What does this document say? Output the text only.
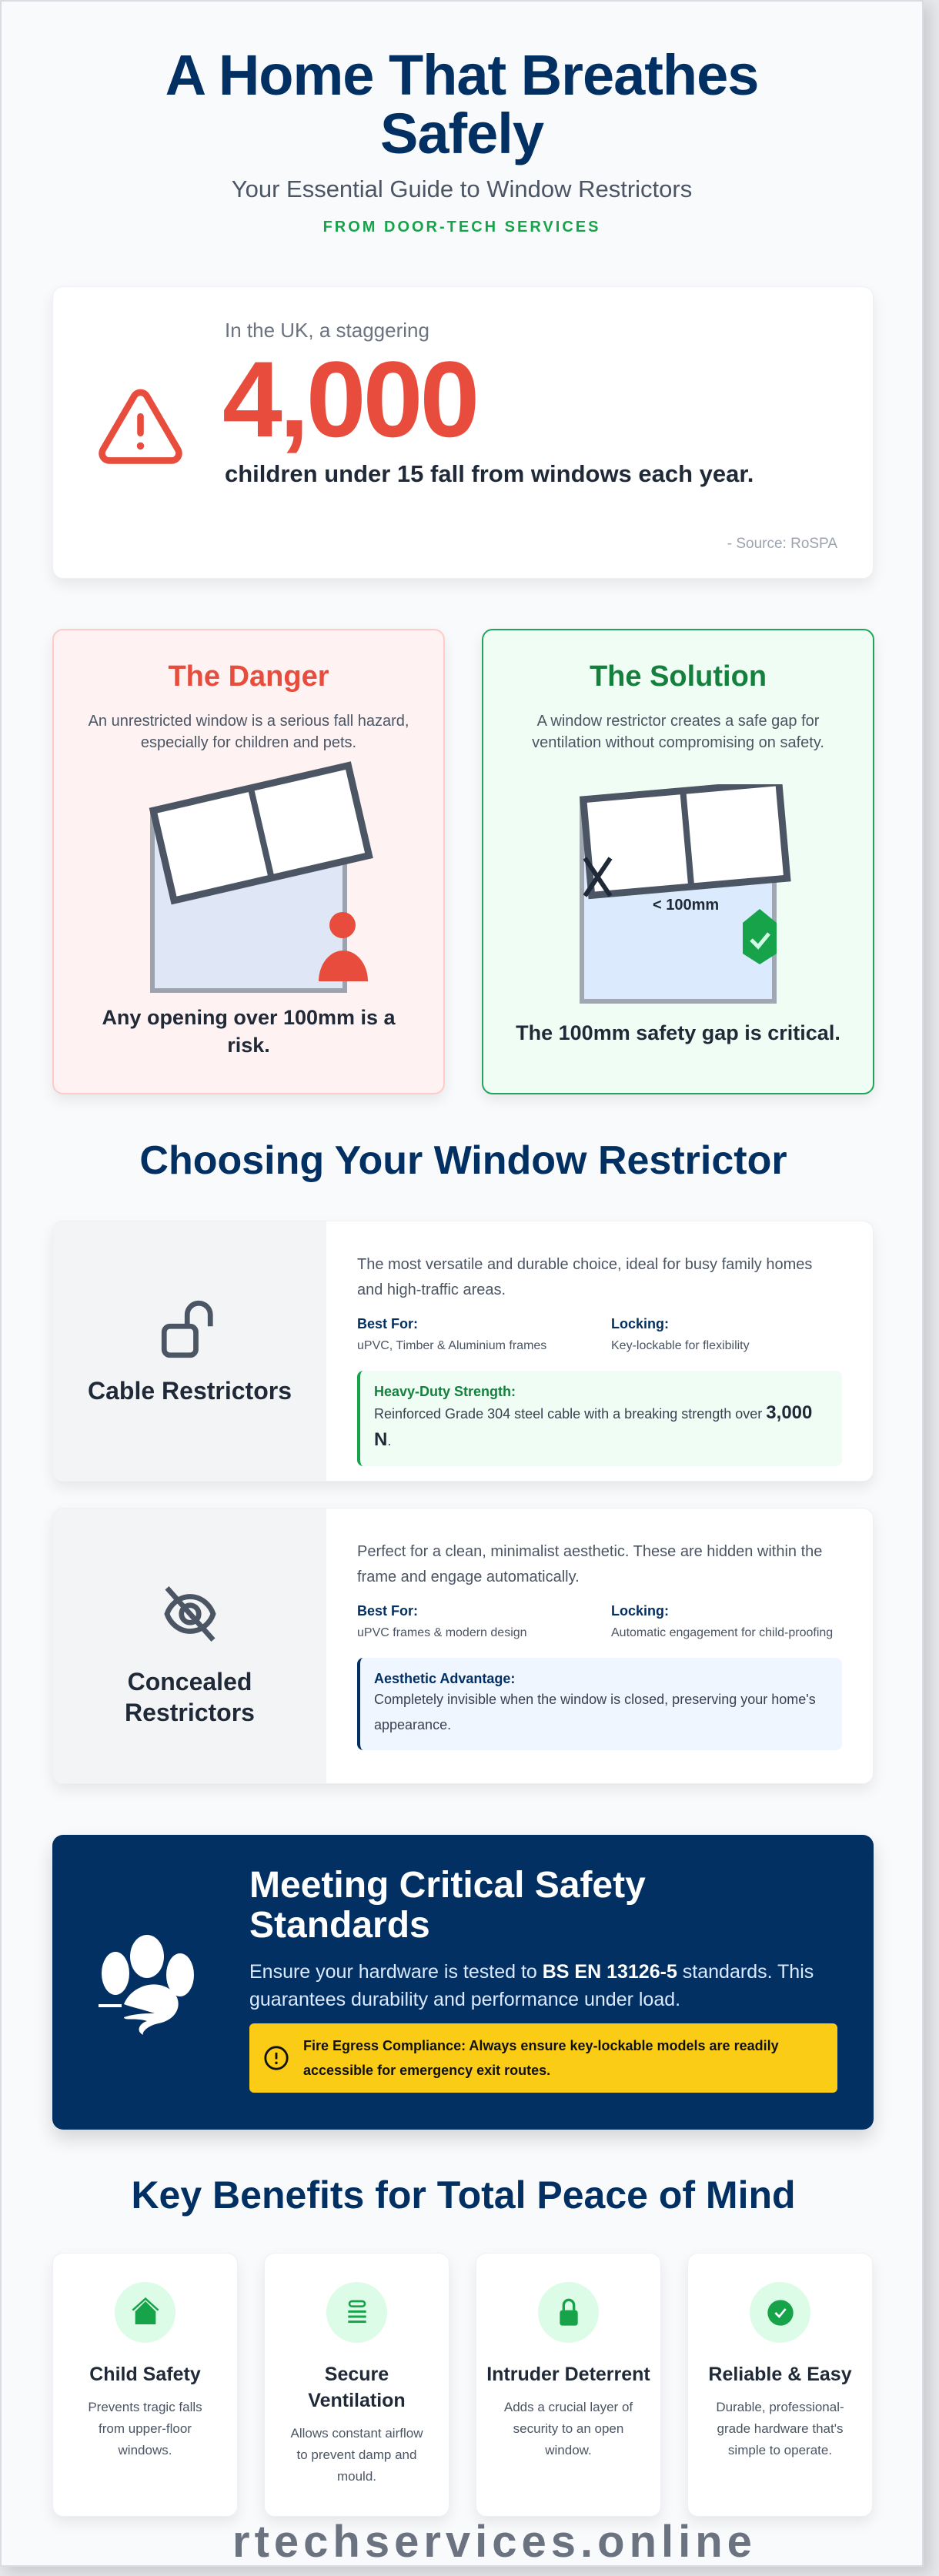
A Home That Breathes Safely
Your Essential Guide to Window Restrictors
FROM DOOR-TECH SERVICES
In the UK, a staggering
4,000
children under 15 fall from windows each year.
- Source: RoSPA
The Danger

An unrestricted window is a serious fall hazard, especially for children and pets.

Any opening over 100mm is a risk.
The Solution

A window restrictor creates a safe gap for ventilation without compromising on safety.

< 100mm
The 100mm safety gap is critical.
Choosing Your Window Restrictor
Cable Restrictors
The most versatile and durable choice, ideal for busy family homes and high-traffic areas.
Best For:
uPVC, Timber & Aluminium frames
Locking:
Key-lockable for flexibility
Heavy-Duty Strength:
Reinforced Grade 304 steel cable with a breaking strength over 3,000 N.
Concealed Restrictors
Perfect for a clean, minimalist aesthetic. These are hidden within the frame and engage automatically.
Best For:
uPVC frames & modern design
Locking:
Automatic engagement for child-proofing
Aesthetic Advantage:
Completely invisible when the window is closed, preserving your home's appearance.
Meeting Critical Safety Standards

Ensure your hardware is tested to BS EN 13126-5 standards. This guarantees durability and performance under load.

Fire Egress Compliance: Always ensure key-lockable models are readily accessible for emergency exit routes.
Key Benefits for Total Peace of Mind
Child Safety

Prevents tragic falls from upper-floor windows.

Secure Ventilation

Allows constant airflow to prevent damp and mould.

Intruder Deterrent

Adds a crucial layer of security to an open window.

Reliable & Easy

Durable, professional-grade hardware that's simple to operate.

rtechservices.online
